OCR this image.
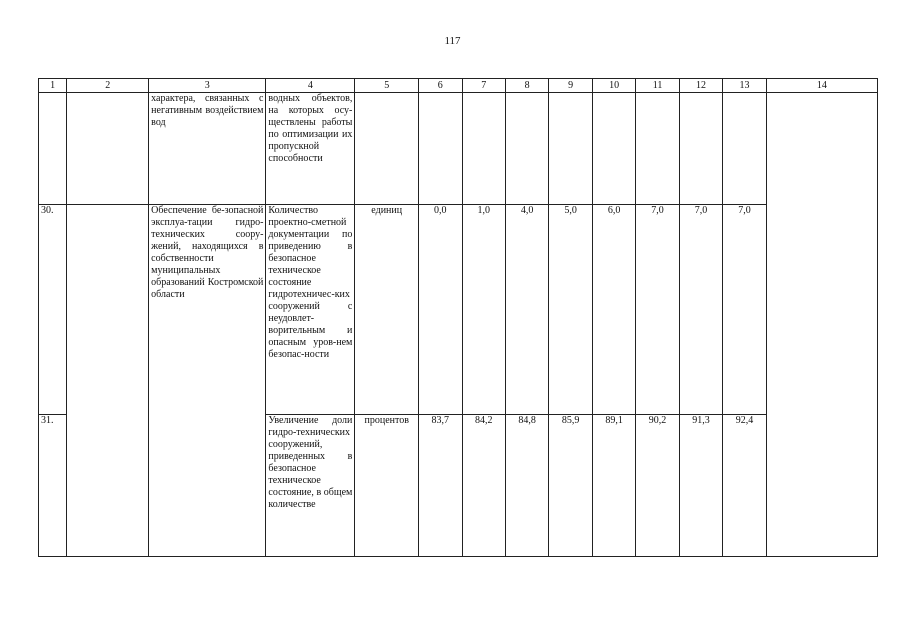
117
1	2	3	4	5	6	7	8	9	10	11	12	13	14
		характера, связанных с негативным воздействием вод	водных объектов, на которых осу-ществлены работы по оптимизации их пропускной способности										
30.		Обеспечение бе-зопасной эксплуа-тации гидро-технических соору-жений, находящихся в собственности муниципальных образований Костромской области	Количество проектно-сметной документации по приведению в безопасное техническое состояние гидротехничес-ких сооружений с неудовлет-ворительным и опасным уров-нем безопас-ности	единиц	0,0	1,0	4,0	5,0	6,0	7,0	7,0	7,0	
31.			Увеличение доли гидро-технических сооружений, приведенных в безопасное техническое состояние, в общем количестве	процентов	83,7	84,2	84,8	85,9	89,1	90,2	91,3	92,4	
